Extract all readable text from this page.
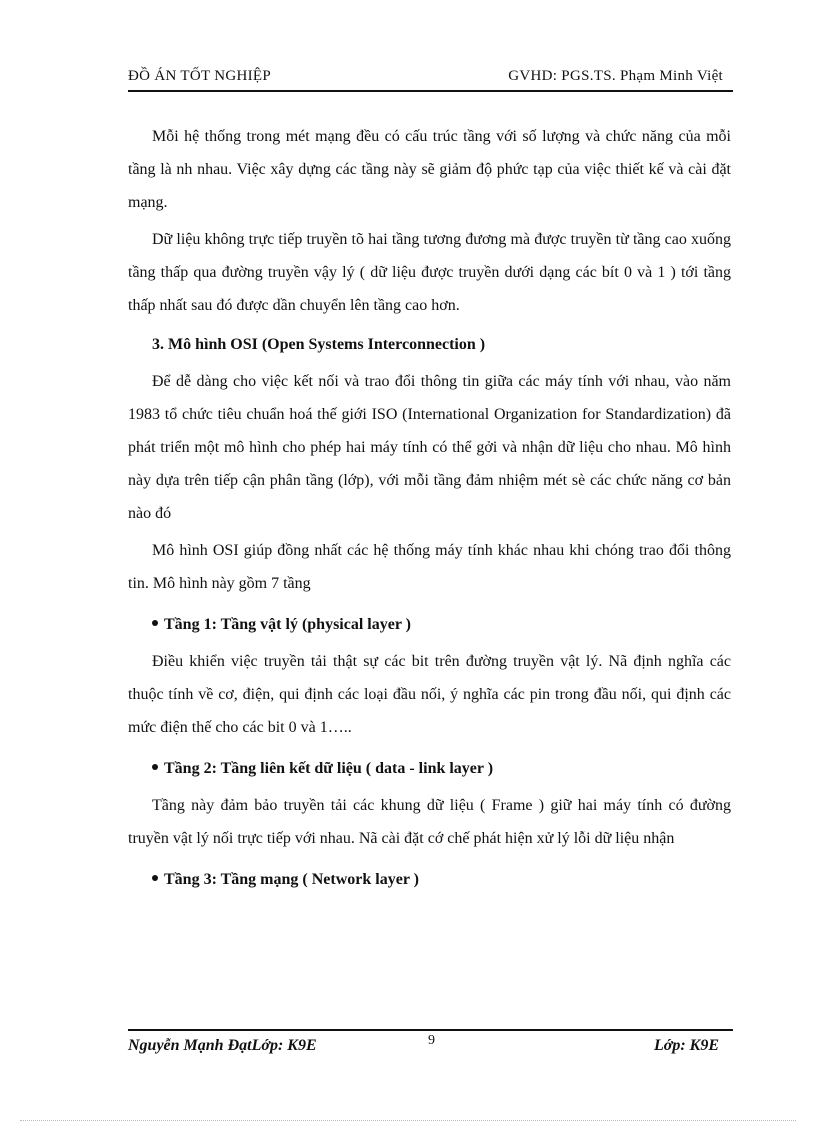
ĐỒ ÁN TỐT NGHIỆP	GVHD: PGS.TS. Phạm Minh Việt

Mỗi hệ thống trong mét mạng đều có cấu trúc tầng với số lượng và chức năng của mỗi tầng là nh nhau. Việc xây dựng các tầng này sẽ giảm độ phức tạp của việc thiết kế và cài đặt mạng.

Dữ liệu không trực tiếp truyền tõ hai tầng tương đương mà được truyền từ tầng cao xuống tầng thấp qua đường truyền vậy lý ( dữ liệu được truyền dưới dạng các bít 0 và 1 ) tới tầng thấp nhất sau đó được dần chuyển lên tầng cao hơn.

3. Mô hình OSI (Open Systems Interconnection )

Để dễ dàng cho việc kết nối và trao đổi thông tin giữa các máy tính với nhau, vào năm 1983 tổ chức tiêu chuẩn hoá thế giới ISO (International Organization for Standardization) đã phát triển một mô hình cho phép hai máy tính có thể gởi và nhận dữ liệu cho nhau. Mô hình này dựa trên tiếp cận phân tầng (lớp), với mỗi tầng đảm nhiệm mét sè các chức năng cơ bản nào đó

Mô hình OSI giúp đồng nhất các hệ thống máy tính khác nhau khi chóng trao đổi thông tin. Mô hình này gồm 7 tầng

Tầng 1: Tầng vật lý (physical layer )

Điều khiển việc truyền tải thật sự các bit trên đường truyền vật lý. Nã định nghĩa các thuộc tính về cơ, điện, qui định các loại đầu nối, ý nghĩa các pin trong đầu nối, qui định các mức điện thế cho các bit 0 và 1…..

Tầng 2: Tầng liên kết dữ liệu ( data - link layer )

Tầng này đảm bảo truyền tải các khung dữ liệu ( Frame ) giữ hai máy tính có đường truyền vật lý nối trực tiếp với nhau. Nã cài đặt cớ chế phát hiện xử lý lỗi dữ liệu nhận

Tầng 3: Tầng mạng ( Network layer )
Nguyễn Mạnh ĐạtLớp: K9E	9	Lớp: K9E
